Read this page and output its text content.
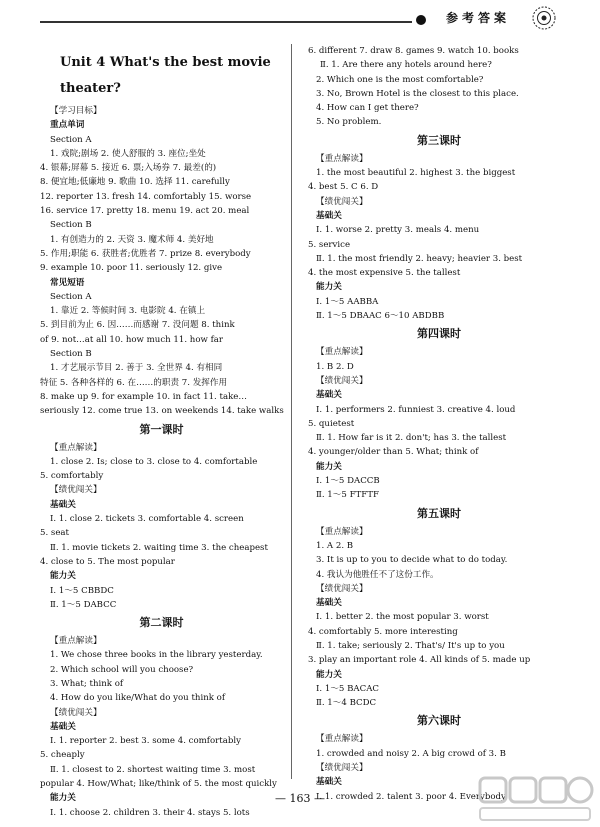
参考答案
Unit 4 What's the best movie theater?
【学习目标】
重点单词
Section A
1. 戏院;剧场 2. 使人舒服的 3. 座位;坐处
4. 银幕;屏幕 5. 接近 6. 票;入场券 7. 最差(的)
8. 便宜地;低廉地 9. 歌曲 10. 选择 11. carefully
12. reporter 13. fresh 14. comfortably 15. worse
16. service 17. pretty 18. menu 19. act 20. meal
Section B
1. 有创造力的 2. 天资 3. 魔术师 4. 美好地
5. 作用;职能 6. 获胜者;优胜者 7. prize 8. everybody
9. example 10. poor 11. seriously 12. give
常见短语
Section A
1. 靠近 2. 等候时间 3. 电影院 4. 在镇上
5. 到目前为止 6. 因……而感谢 7. 没问题 8. think
of 9. not…at all 10. how much 11. how far
Section B
1. 才艺展示节目 2. 善于 3. 全世界 4. 有相同
特征 5. 各种各样的 6. 在……的职责 7. 发挥作用
8. make up 9. for example 10. in fact 11. take…
seriously 12. come true 13. on weekends 14. take walks
第一课时
【重点解读】
1. close 2. Is; close to 3. close to 4. comfortable
5. comfortably
【绩优闯关】
基础关
Ⅰ. 1. close 2. tickets 3. comfortable 4. screen
5. seat
Ⅱ. 1. movie tickets 2. waiting time 3. the cheapest
4. close to 5. The most popular
能力关
Ⅰ. 1～5 CBBDC
Ⅱ. 1～5 DABCC
第二课时
【重点解读】
1. We chose three books in the library yesterday.
2. Which school will you choose?
3. What; think of
4. How do you like/What do you think of
【绩优闯关】
基础关
Ⅰ. 1. reporter 2. best 3. some 4. comfortably
5. cheaply
Ⅱ. 1. closest to 2. shortest waiting time 3. most
popular 4. How/What; like/think of 5. the most quickly
能力关
Ⅰ. 1. choose 2. children 3. their 4. stays 5. lots
6. different 7. draw 8. games 9. watch 10. books
Ⅱ. 1. Are there any hotels around here?
2. Which one is the most comfortable?
3. No, Brown Hotel is the closest to this place.
4. How can I get there?
5. No problem.
第三课时
【重点解读】
1. the most beautiful 2. highest 3. the biggest
4. best 5. C 6. D
【绩优闯关】
基础关
Ⅰ. 1. worse 2. pretty 3. meals 4. menu
5. service
Ⅱ. 1. the most friendly 2. heavy; heavier 3. best
4. the most expensive 5. the tallest
能力关
Ⅰ. 1～5 AABBA
Ⅱ. 1～5 DBAAC 6～10 ABDBB
第四课时
【重点解读】
1. B 2. D
【绩优闯关】
基础关
Ⅰ. 1. performers 2. funniest 3. creative 4. loud
5. quietest
Ⅱ. 1. How far is it 2. don't; has 3. the tallest
4. younger/older than 5. What; think of
能力关
Ⅰ. 1～5 DACCB
Ⅱ. 1～5 FTFTF
第五课时
【重点解读】
1. A 2. B
3. It is up to you to decide what to do today.
4. 我认为他胜任不了这份工作。
【绩优闯关】
基础关
Ⅰ. 1. better 2. the most popular 3. worst
4. comfortably 5. more interesting
Ⅱ. 1. take; seriously 2. That's/ It's up to you
3. play an important role 4. All kinds of 5. made up
能力关
Ⅰ. 1～5 BACAC
Ⅱ. 1～4 BCDC
第六课时
【重点解读】
1. crowded and noisy 2. A big crowd of 3. B
【绩优闯关】
基础关
Ⅰ. 1. crowded 2. talent 3. poor 4. Everybody
— 163 —
